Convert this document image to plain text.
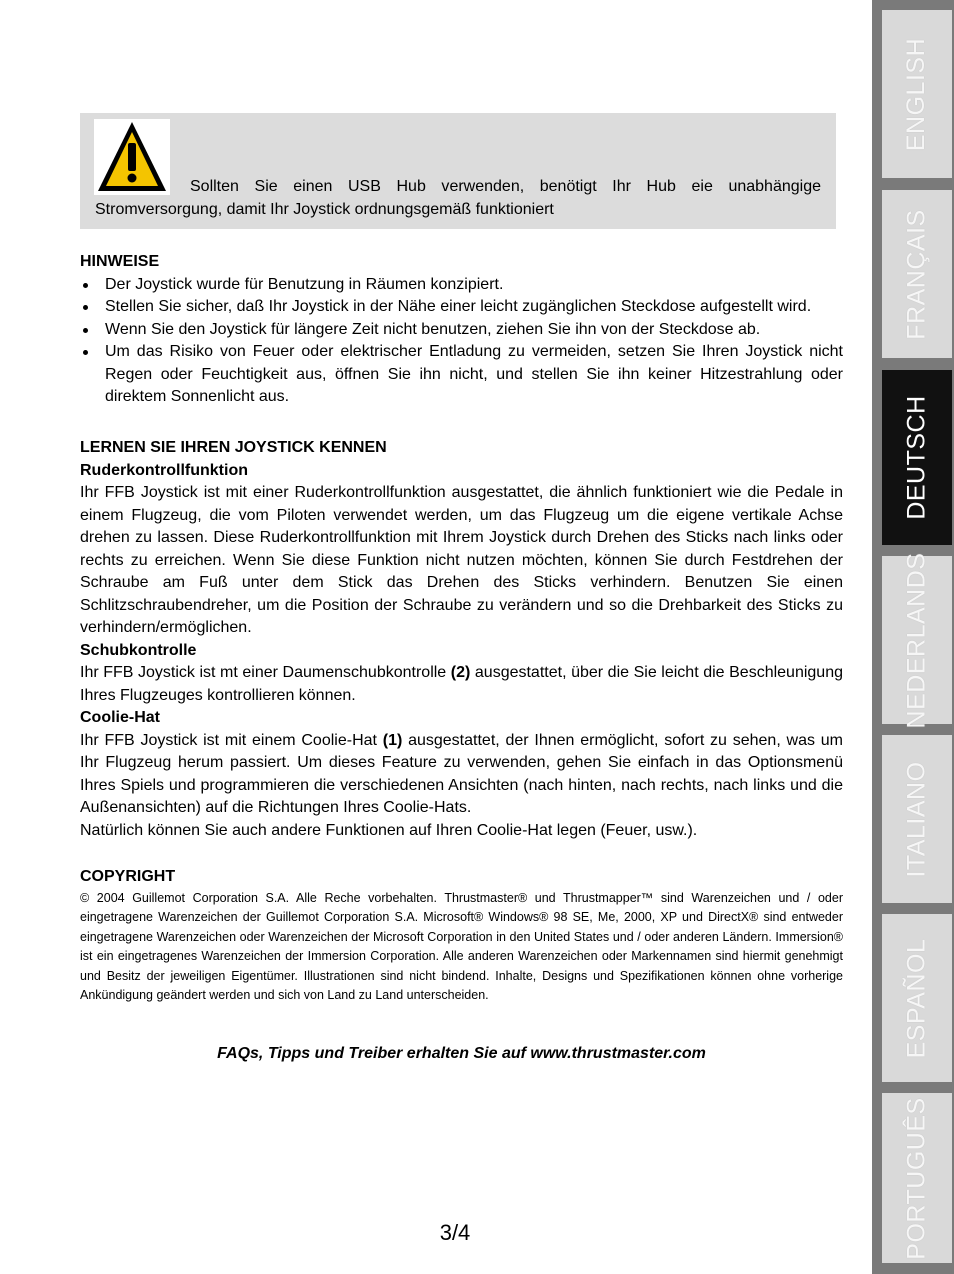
Sollten Sie einen USB Hub verwenden, benötigt Ihr Hub eie unabhängige
Stromversorgung, damit Ihr Joystick ordnungsgemäß funktioniert
HINWEISE
Der Joystick wurde für Benutzung in Räumen konzipiert.
Stellen Sie sicher, daß Ihr Joystick in der Nähe einer leicht zugänglichen Steckdose aufgestellt wird.
Wenn Sie den Joystick für längere Zeit nicht benutzen, ziehen Sie ihn von der Steckdose ab.
Um das Risiko von Feuer oder elektrischer Entladung zu vermeiden, setzen Sie Ihren Joystick nicht Regen oder Feuchtigkeit aus, öffnen Sie ihn nicht, und stellen Sie ihn keiner Hitzestrahlung oder direktem Sonnenlicht aus.
LERNEN SIE IHREN JOYSTICK KENNEN
Ruderkontrollfunktion

Ihr FFB Joystick ist mit einer Ruderkontrollfunktion ausgestattet, die ähnlich funktioniert wie die Pedale in einem Flugzeug, die vom Piloten verwendet werden, um das Flugzeug um die eigene vertikale Achse drehen zu lassen. Diese Ruderkontrollfunktion mit Ihrem Joystick durch Drehen des Sticks nach links oder rechts zu erreichen. Wenn Sie diese Funktion nicht nutzen möchten, können Sie durch Festdrehen der Schraube am Fuß unter dem Stick das Drehen des Sticks verhindern. Benutzen Sie einen Schlitzschraubendreher, um die Position der Schraube zu verändern und so die Drehbarkeit des Sticks zu verhindern/ermöglichen.

Schubkontrolle

Ihr FFB Joystick ist mt einer Daumenschubkontrolle (2) ausgestattet, über die Sie leicht die Beschleunigung Ihres Flugzeuges kontrollieren können.

Coolie-Hat

Ihr FFB Joystick ist mit einem Coolie-Hat (1) ausgestattet, der Ihnen ermöglicht, sofort zu sehen, was um Ihr Flugzeug herum passiert. Um dieses Feature zu verwenden, gehen Sie einfach in das Optionsmenü Ihres Spiels und programmieren die verschiedenen Ansichten (nach hinten, nach rechts, nach links und die Außenansichten) auf die Richtungen Ihres Coolie-Hats.

Natürlich können Sie auch andere Funktionen auf Ihren Coolie-Hat legen (Feuer, usw.).

COPYRIGHT

© 2004 Guillemot Corporation S.A. Alle Reche vorbehalten. Thrustmaster® und Thrustmapper™ sind Warenzeichen und / oder eingetragene Warenzeichen der Guillemot Corporation S.A. Microsoft® Windows® 98 SE, Me, 2000, XP und DirectX® sind entweder eingetragene Warenzeichen oder Warenzeichen der Microsoft Corporation in den United States und / oder anderen Ländern. Immersion® ist ein eingetragenes Warenzeichen der Immersion Corporation. Alle anderen Warenzeichen oder Markennamen sind hiermit genehmigt und Besitz der jeweiligen Eigentümer. Illustrationen sind nicht bindend. Inhalte, Designs und Spezifikationen können ohne vorherige Ankündigung geändert werden und sich von Land zu Land unterscheiden.

FAQs, Tipps und Treiber erhalten Sie auf www.thrustmaster.com
3/4
ENGLISH
FRANÇAIS
DEUTSCH
NEDERLANDS
ITALIANO
ESPAÑOL
PORTUGUÊS
